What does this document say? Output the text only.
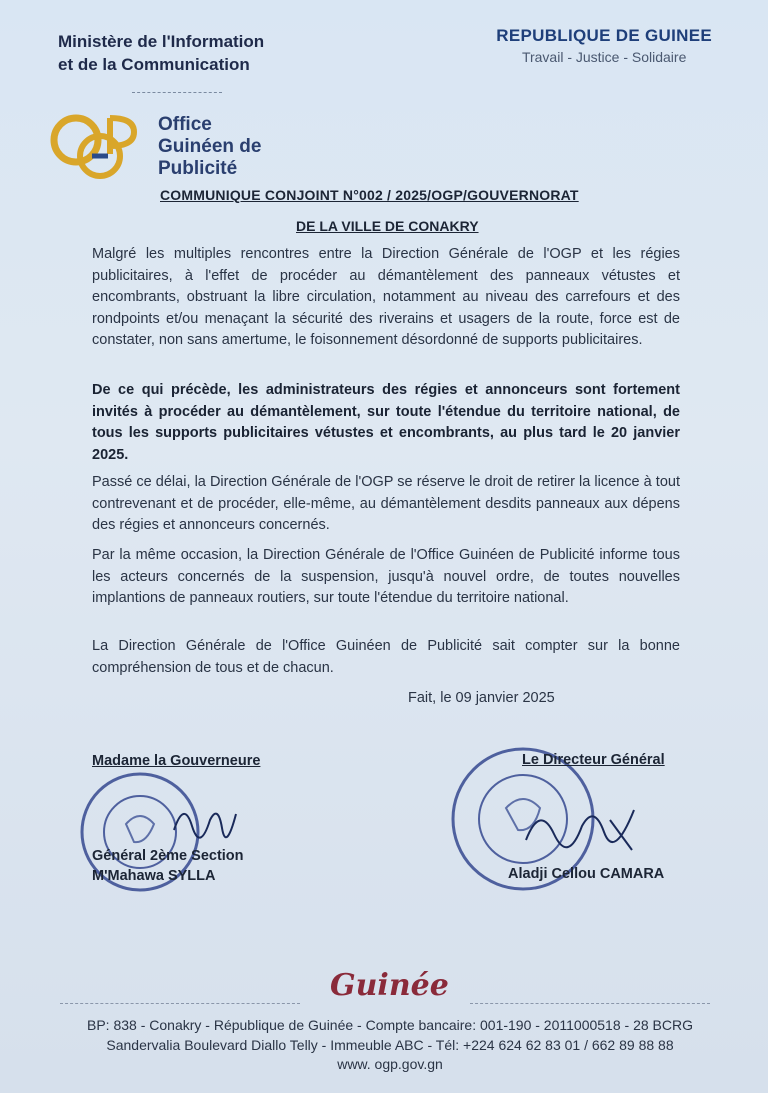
Ministère de l'Information
et de la Communication
REPUBLIQUE DE GUINEE
Travail - Justice - Solidaire
Office
Guinéen de
Publicité
COMMUNIQUE CONJOINT N°002 / 2025/OGP/GOUVERNORAT
DE LA VILLE DE CONAKRY
Malgré les multiples rencontres entre la Direction Générale de l'OGP et les régies publicitaires, à l'effet de procéder au démantèlement des panneaux vétustes et encombrants, obstruant la libre circulation, notamment au niveau des carrefours et des rondpoints et/ou menaçant la sécurité des riverains et usagers de la route, force est de constater, non sans amertume, le foisonnement désordonné de supports publicitaires.
De ce qui précède, les administrateurs des régies et annonceurs sont fortement invités à procéder au démantèlement, sur toute l'étendue du territoire national, de tous les supports publicitaires vétustes et encombrants, au plus tard le 20 janvier 2025.
Passé ce délai, la Direction Générale de l'OGP se réserve le droit de retirer la licence à tout contrevenant et de procéder, elle-même, au démantèlement desdits panneaux aux dépens des régies et annonceurs concernés.
Par la même occasion, la Direction Générale de l'Office Guinéen de Publicité informe tous les acteurs concernés de la suspension, jusqu'à nouvel ordre, de toutes nouvelles implantions de panneaux routiers, sur toute l'étendue du territoire national.
La Direction Générale de l'Office Guinéen de Publicité sait compter sur la bonne compréhension de tous et de chacun.
Fait, le 09 janvier 2025
Madame la Gouverneure
Général 2ème Section
M'Mahawa SYLLA
Le Directeur Général
Aladji Cellou CAMARA
Guinée
BP: 838 - Conakry - République de Guinée - Compte bancaire: 001-190 - 2011000518 - 28 BCRG
Sandervalia Boulevard Diallo Telly - Immeuble ABC - Tél: +224 624 62 83 01 / 662 89 88 88
www. ogp.gov.gn
